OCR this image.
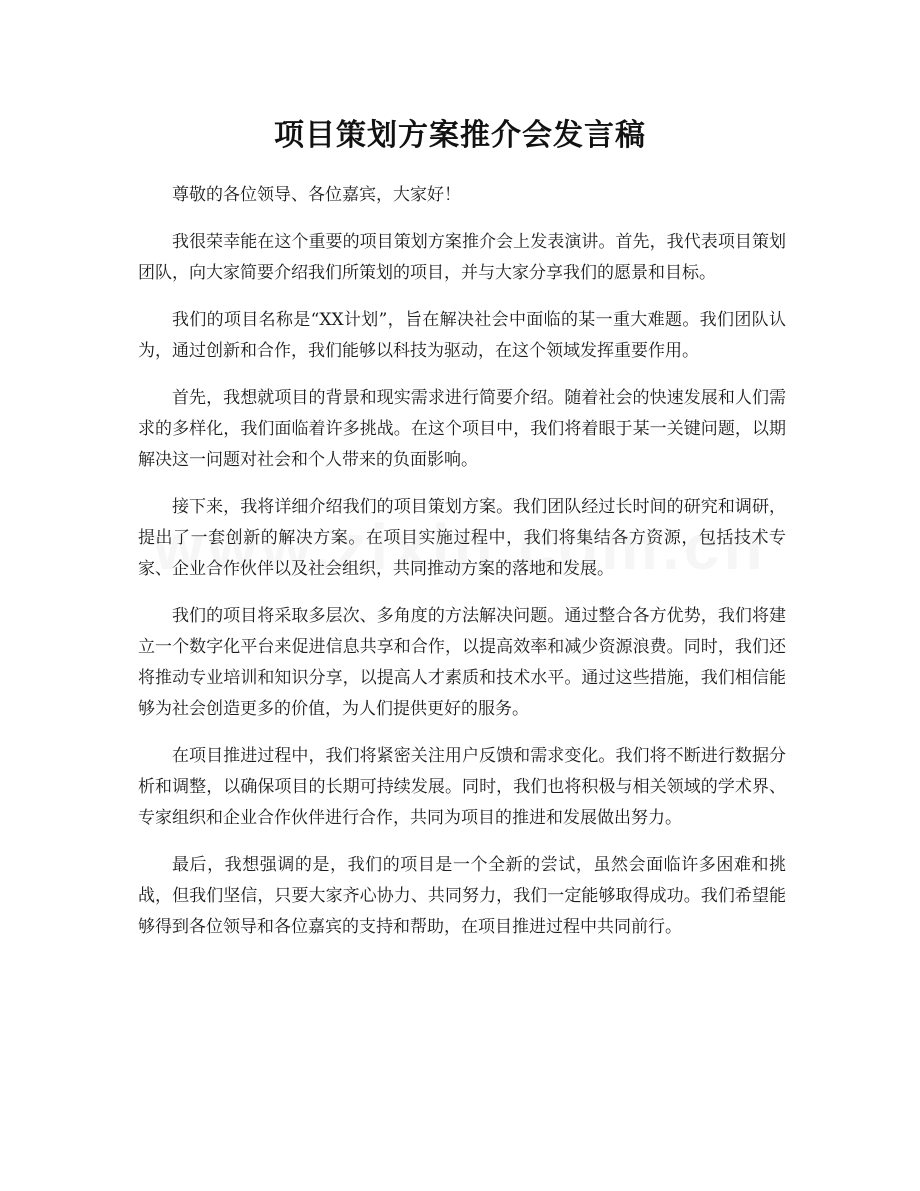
项目策划方案推介会发言稿

尊敬的各位领导、各位嘉宾，大家好！

我很荣幸能在这个重要的项目策划方案推介会上发表演讲。首先，我代表项目策划团队，向大家简要介绍我们所策划的项目，并与大家分享我们的愿景和目标。

我们的项目名称是“XX计划”，旨在解决社会中面临的某一重大难题。我们团队认为，通过创新和合作，我们能够以科技为驱动，在这个领域发挥重要作用。

首先，我想就项目的背景和现实需求进行简要介绍。随着社会的快速发展和人们需求的多样化，我们面临着许多挑战。在这个项目中，我们将着眼于某一关键问题，以期解决这一问题对社会和个人带来的负面影响。

接下来，我将详细介绍我们的项目策划方案。我们团队经过长时间的研究和调研，提出了一套创新的解决方案。在项目实施过程中，我们将集结各方资源，包括技术专家、企业合作伙伴以及社会组织，共同推动方案的落地和发展。

我们的项目将采取多层次、多角度的方法解决问题。通过整合各方优势，我们将建立一个数字化平台来促进信息共享和合作，以提高效率和减少资源浪费。同时，我们还将推动专业培训和知识分享，以提高人才素质和技术水平。通过这些措施，我们相信能够为社会创造更多的价值，为人们提供更好的服务。

在项目推进过程中，我们将紧密关注用户反馈和需求变化。我们将不断进行数据分析和调整，以确保项目的长期可持续发展。同时，我们也将积极与相关领域的学术界、专家组织和企业合作伙伴进行合作，共同为项目的推进和发展做出努力。

最后，我想强调的是，我们的项目是一个全新的尝试，虽然会面临许多困难和挑战，但我们坚信，只要大家齐心协力、共同努力，我们一定能够取得成功。我们希望能够得到各位领导和各位嘉宾的支持和帮助，在项目推进过程中共同前行。
